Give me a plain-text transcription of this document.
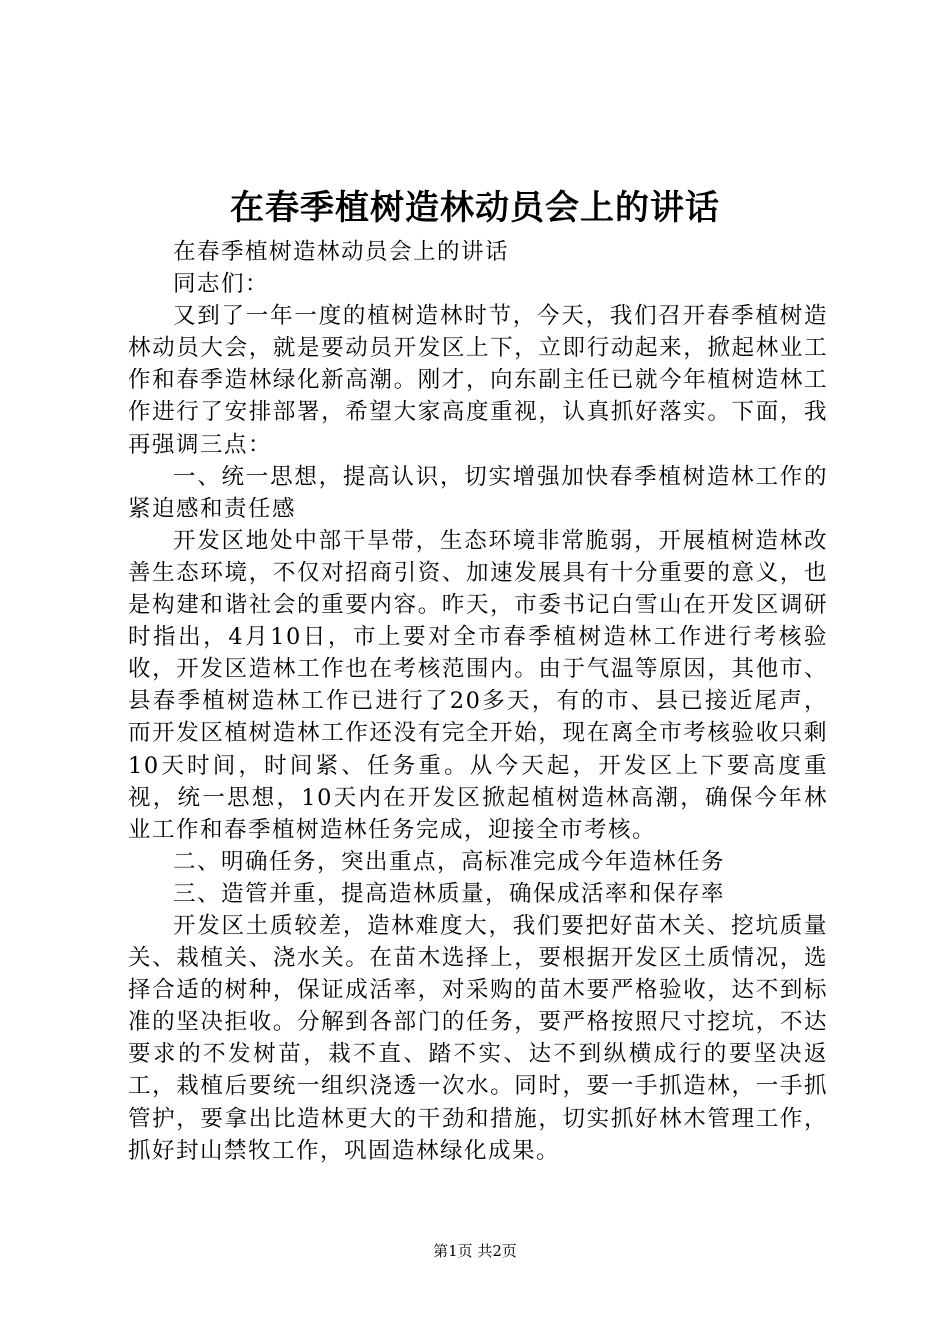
在春季植树造林动员会上的讲话

在春季植树造林动员会上的讲话

同志们：

又到了一年一度的植树造林时节，今天，我们召开春季植树造林动员大会，就是要动员开发区上下，立即行动起来，掀起林业工作和春季造林绿化新高潮。刚才，向东副主任已就今年植树造林工作进行了安排部署，希望大家高度重视，认真抓好落实。下面，我再强调三点：

一、统一思想，提高认识，切实增强加快春季植树造林工作的紧迫感和责任感

开发区地处中部干旱带，生态环境非常脆弱，开展植树造林改善生态环境，不仅对招商引资、加速发展具有十分重要的意义，也是构建和谐社会的重要内容。昨天，市委书记白雪山在开发区调研时指出，4月10日，市上要对全市春季植树造林工作进行考核验收，开发区造林工作也在考核范围内。由于气温等原因，其他市、县春季植树造林工作已进行了20多天，有的市、县已接近尾声，而开发区植树造林工作还没有完全开始，现在离全市考核验收只剩10天时间，时间紧、任务重。从今天起，开发区上下要高度重视，统一思想，10天内在开发区掀起植树造林高潮，确保今年林业工作和春季植树造林任务完成，迎接全市考核。

二、明确任务，突出重点，高标准完成今年造林任务

三、造管并重，提高造林质量，确保成活率和保存率

开发区土质较差，造林难度大，我们要把好苗木关、挖坑质量关、栽植关、浇水关。在苗木选择上，要根据开发区土质情况，选择合适的树种，保证成活率，对采购的苗木要严格验收，达不到标准的坚决拒收。分解到各部门的任务，要严格按照尺寸挖坑，不达要求的不发树苗，栽不直、踏不实、达不到纵横成行的要坚决返工，栽植后要统一组织浇透一次水。同时，要一手抓造林，一手抓管护，要拿出比造林更大的干劲和措施，切实抓好林木管理工作，抓好封山禁牧工作，巩固造林绿化成果。

第1页 共2页
